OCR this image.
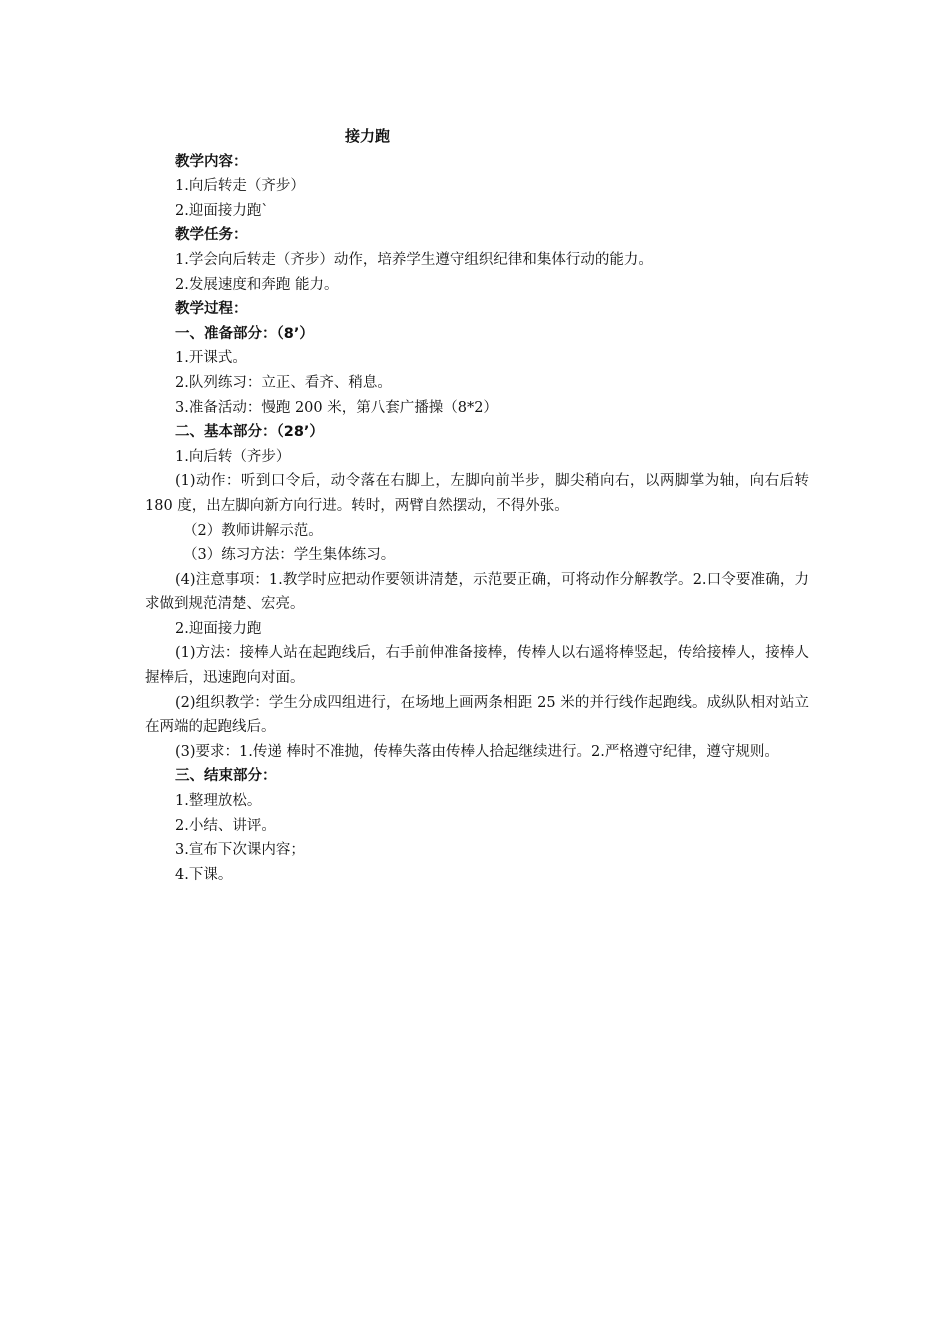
接力跑
教学内容：
1.向后转走（齐步）
2.迎面接力跑`
教学任务：
1.学会向后转走（齐步）动作，培养学生遵守组织纪律和集体行动的能力。
2.发展速度和奔跑 能力。
教学过程：
一、准备部分：（8’）
1.开课式。
2.队列练习：立正、看齐、稍息。
3.准备活动：慢跑 200 米，第八套广播操（8*2）
二、基本部分：（28’）
1.向后转（齐步）
(1)动作：听到口令后，动令落在右脚上，左脚向前半步，脚尖稍向右，以两脚掌为轴，向右后转 180 度，出左脚向新方向行进。转时，两臂自然摆动，不得外张。
（2）教师讲解示范。
（3）练习方法：学生集体练习。
(4)注意事项：1.教学时应把动作要领讲清楚，示范要正确，可将动作分解教学。2.口令要准确，力求做到规范清楚、宏亮。
2.迎面接力跑
(1)方法：接棒人站在起跑线后，右手前伸准备接棒，传棒人以右遥将棒竖起，传给接棒人，接棒人握棒后，迅速跑向对面。
(2)组织教学：学生分成四组进行，在场地上画两条相距 25 米的并行线作起跑线。成纵队相对站立在两端的起跑线后。
(3)要求：1.传递 棒时不准抛，传棒失落由传棒人拾起继续进行。2.严格遵守纪律，遵守规则。
三、结束部分：
1.整理放松。
2.小结、讲评。
3.宣布下次课内容；
4.下课。
